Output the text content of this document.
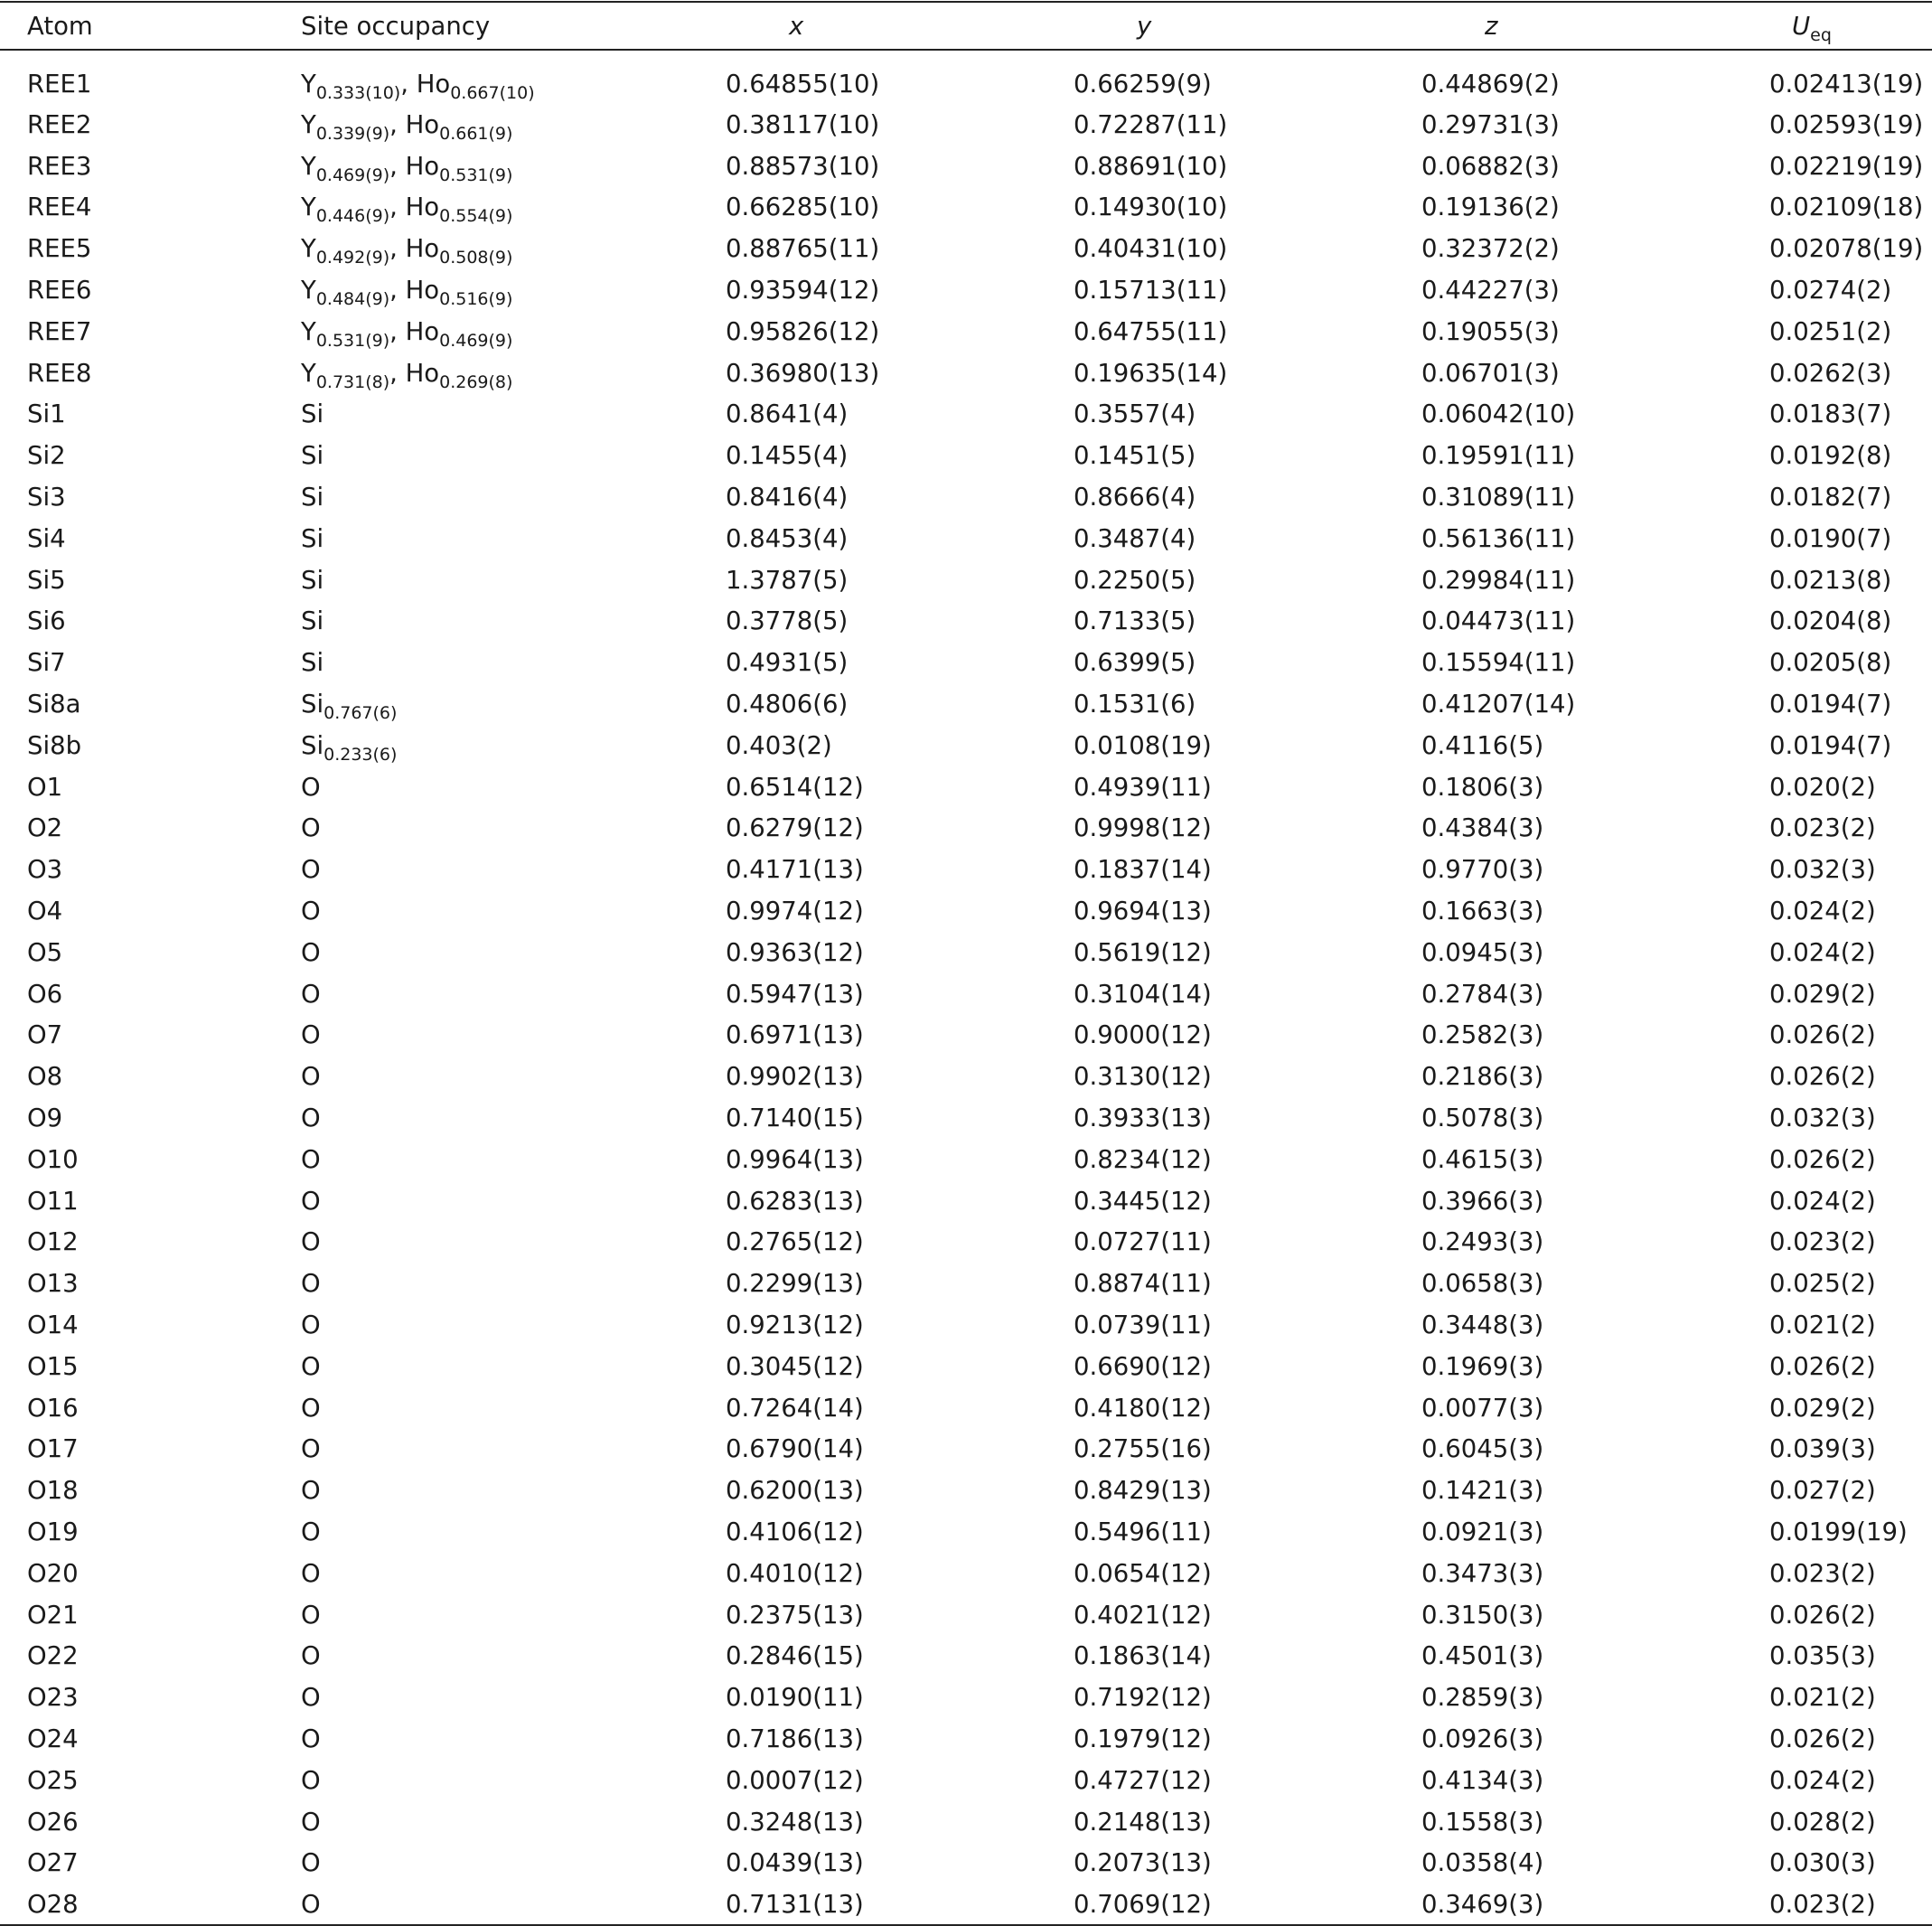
Atom	Site occupancy	x	y	z	$U_{eq}$
REE1	$Y_{0.333(10)}$, $Ho_{0.667(10)}$	0.64855(10)	0.66259(9)	0.44869(2)	0.02413(19)
REE2	$Y_{0.339(9)}$, $Ho_{0.661(9)}$	0.38117(10)	0.72287(11)	0.29731(3)	0.02593(19)
REE3	$Y_{0.469(9)}$, $Ho_{0.531(9)}$	0.88573(10)	0.88691(10)	0.06882(3)	0.02219(19)
REE4	$Y_{0.446(9)}$, $Ho_{0.554(9)}$	0.66285(10)	0.14930(10)	0.19136(2)	0.02109(18)
REE5	$Y_{0.492(9)}$, $Ho_{0.508(9)}$	0.88765(11)	0.40431(10)	0.32372(2)	0.02078(19)
REE6	$Y_{0.484(9)}$, $Ho_{0.516(9)}$	0.93594(12)	0.15713(11)	0.44227(3)	0.0274(2)
REE7	$Y_{0.531(9)}$, $Ho_{0.469(9)}$	0.95826(12)	0.64755(11)	0.19055(3)	0.0251(2)
REE8	$Y_{0.731(8)}$, $Ho_{0.269(8)}$	0.36980(13)	0.19635(14)	0.06701(3)	0.0262(3)
Si1	Si	0.8641(4)	0.3557(4)	0.06042(10)	0.0183(7)
Si2	Si	0.1455(4)	0.1451(5)	0.19591(11)	0.0192(8)
Si3	Si	0.8416(4)	0.8666(4)	0.31089(11)	0.0182(7)
Si4	Si	0.8453(4)	0.3487(4)	0.56136(11)	0.0190(7)
Si5	Si	1.3787(5)	0.2250(5)	0.29984(11)	0.0213(8)
Si6	Si	0.3778(5)	0.7133(5)	0.04473(11)	0.0204(8)
Si7	Si	0.4931(5)	0.6399(5)	0.15594(11)	0.0205(8)
Si8a	$Si_{0.767(6)}$	0.4806(6)	0.1531(6)	0.41207(14)	0.0194(7)
Si8b	$Si_{0.233(6)}$	0.403(2)	0.0108(19)	0.4116(5)	0.0194(7)
O1	O	0.6514(12)	0.4939(11)	0.1806(3)	0.020(2)
O2	O	0.6279(12)	0.9998(12)	0.4384(3)	0.023(2)
O3	O	0.4171(13)	0.1837(14)	0.9770(3)	0.032(3)
O4	O	0.9974(12)	0.9694(13)	0.1663(3)	0.024(2)
O5	O	0.9363(12)	0.5619(12)	0.0945(3)	0.024(2)
O6	O	0.5947(13)	0.3104(14)	0.2784(3)	0.029(2)
O7	O	0.6971(13)	0.9000(12)	0.2582(3)	0.026(2)
O8	O	0.9902(13)	0.3130(12)	0.2186(3)	0.026(2)
O9	O	0.7140(15)	0.3933(13)	0.5078(3)	0.032(3)
O10	O	0.9964(13)	0.8234(12)	0.4615(3)	0.026(2)
O11	O	0.6283(13)	0.3445(12)	0.3966(3)	0.024(2)
O12	O	0.2765(12)	0.0727(11)	0.2493(3)	0.023(2)
O13	O	0.2299(13)	0.8874(11)	0.0658(3)	0.025(2)
O14	O	0.9213(12)	0.0739(11)	0.3448(3)	0.021(2)
O15	O	0.3045(12)	0.6690(12)	0.1969(3)	0.026(2)
O16	O	0.7264(14)	0.4180(12)	0.0077(3)	0.029(2)
O17	O	0.6790(14)	0.2755(16)	0.6045(3)	0.039(3)
O18	O	0.6200(13)	0.8429(13)	0.1421(3)	0.027(2)
O19	O	0.4106(12)	0.5496(11)	0.0921(3)	0.0199(19)
O20	O	0.4010(12)	0.0654(12)	0.3473(3)	0.023(2)
O21	O	0.2375(13)	0.4021(12)	0.3150(3)	0.026(2)
O22	O	0.2846(15)	0.1863(14)	0.4501(3)	0.035(3)
O23	O	0.0190(11)	0.7192(12)	0.2859(3)	0.021(2)
O24	O	0.7186(13)	0.1979(12)	0.0926(3)	0.026(2)
O25	O	0.0007(12)	0.4727(12)	0.4134(3)	0.024(2)
O26	O	0.3248(13)	0.2148(13)	0.1558(3)	0.028(2)
O27	O	0.0439(13)	0.2073(13)	0.0358(4)	0.030(3)
O28	O	0.7131(13)	0.7069(12)	0.3469(3)	0.023(2)
